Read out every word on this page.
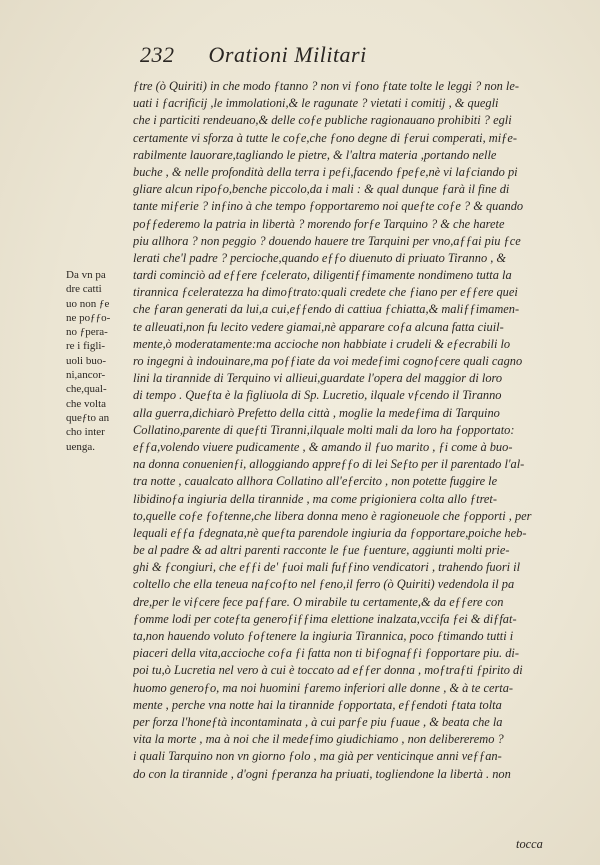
232 Orationi Militari
ƒtre (ò Quiriti) in che modo ƒtanno ? non vi ƒono ƒtate tolte le leggi ? non le-
uati i ƒacrificij ,le immolationi,& le ragunate ? vietati i comitij , & quegli
che i particiti rendeuano,& delle coƒe publiche ragionauano prohibiti ? egli
certamente vi sforza à tutte le coƒe,che ƒono degne di ƒerui comperati, miƒe-
rabilmente lauorare,tagliando le pietre, & l'altra materia ,portando nelle
buche , & nelle profondità della terra i peƒi,facendo ƒpeƒe,nè vi laƒciando pi
gliare alcun ripoƒo,benche piccolo,da i mali : & qual dunque ƒarà il fine di
tante miƒerie ? inƒino à che tempo ƒopportaremo noi queƒte coƒe ? & quando
poƒƒederemo la patria in libertà ? morendo forƒe Tarquino ? & che harete
piu allhora ? non peggio ? douendo hauere tre Tarquini per vno,aƒƒai piu ƒce
lerati che'l padre ? percioche,quando eƒƒo diuenuto di priuato Tiranno , &
tardi cominciò ad eƒƒere ƒcelerato, diligentiƒƒimamente nondimeno tutta la
tirannica ƒceleratezza ha dimoƒtrato:quali credete che ƒiano per eƒƒere quei
che ƒaran generati da lui,a cui,eƒƒendo di cattiua ƒchiatta,& maliƒƒimamen-
te alleuati,non fu lecito vedere giamai,nè apparare coƒa alcuna fatta ciuil-
mente,ò moderatamente:ma accioche non habbiate i crudeli & eƒecrabili lo
ro ingegni à indouinare,ma poƒƒiate da voi medeƒimi cognoƒcere quali cagno
lini la tirannide di Terquino vi allieui,guardate l'opera del maggior di loro
di tempo . Queƒta è la figliuola di Sp. Lucretio, ilquale vƒcendo il Tiranno
alla guerra,dichiarò Prefetto della città , moglie la medeƒima di Tarquino
Collatino,parente di queƒti Tiranni,ilquale molti mali da loro ha ƒopportato:
eƒƒa,volendo viuere pudicamente , & amando il ƒuo marito , ƒi come à buo-
na donna conuenienƒi, alloggiando appreƒƒo di lei Seƒto per il parentado l'al-
tra notte , caualcato allhora Collatino all'eƒercito , non potette fuggire le
libidinoƒa ingiuria della tirannide , ma come prigioniera colta allo ƒtret-
to,quelle coƒe ƒoƒtenne,che libera donna meno è ragioneuole che ƒopporti , per
lequali eƒƒa ƒdegnata,nè queƒta parendole ingiuria da ƒopportare,poiche heb-
be al padre & ad altri parenti racconte le ƒue ƒuenture, aggiunti molti prie-
ghi & ƒcongiuri, che eƒƒi de' ƒuoi mali fuƒƒino vendicatori , trahendo fuori il
coltello che ella teneua naƒcoƒto nel ƒeno,il ferro (ò Quiriti) vedendola il pa
dre,per le viƒcere fece paƒƒare. O mirabile tu certamente,& da eƒƒere con
ƒomme lodi per coteƒta generoƒiƒƒima elettione inalzata,vccifa ƒei & diƒfat-
ta,non hauendo voluto ƒoƒtenere la ingiuria Tirannica, poco ƒtimando tutti i
piaceri della vita,accioche coƒa ƒi fatta non ti biƒognaƒƒi ƒopportare piu. di-
poi tu,ò Lucretia nel vero à cui è toccato ad eƒƒer donna , moƒtraƒti ƒpirito di
huomo generoƒo, ma noi huomini ƒaremo inferiori alle donne , & à te certa-
mente , perche vna notte hai la tirannide ƒopportata, eƒƒendoti ƒtata tolta
per forza l'honeƒtà incontaminata , à cui parƒe piu ƒuaue , & beata che la
vita la morte , ma à noi che il medeƒimo giudichiamo , non delibereremo ?
i quali Tarquino non vn giorno ƒolo , ma già per venticinque anni veƒƒan-
do con la tirannide , d'ogni ƒperanza ha priuati, togliendone la libertà . non
Da vn pa
dre catti
uo non ƒe
ne poƒƒo-
no ƒpera-
re i figli-
uoli buo-
ni,ancor-
che,qual-
che volta
queƒto an
cho inter
uenga.
tocca
